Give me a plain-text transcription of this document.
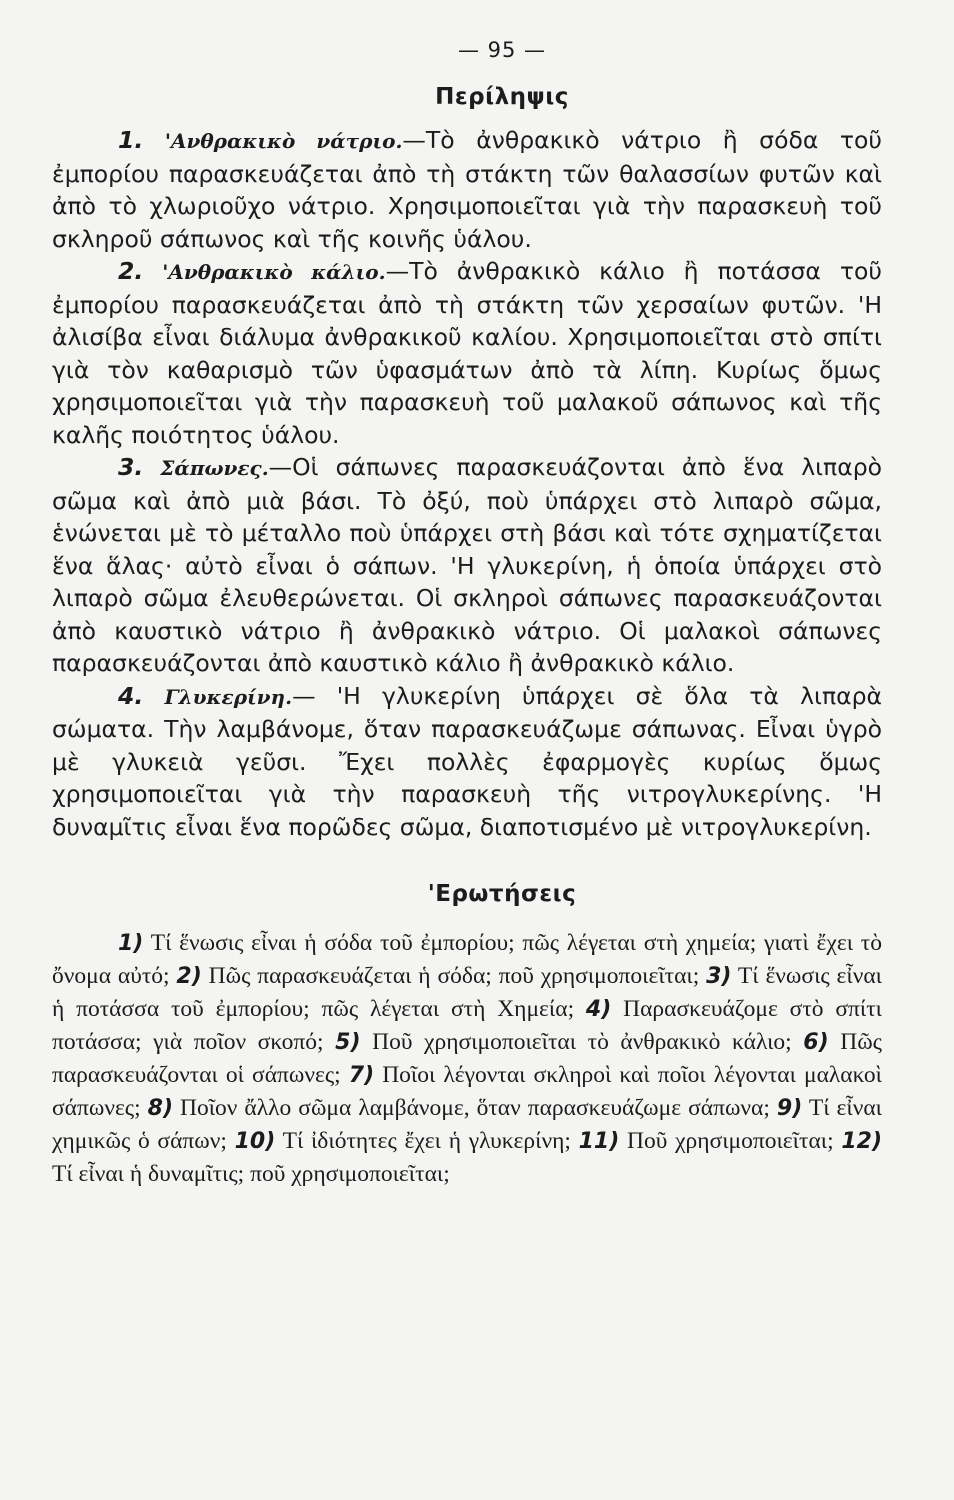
— 95 —
Περίληψις

1. 'Ανθρακικὸ νάτριο.—Τὸ ἀνθρακικὸ νάτριο ἢ σόδα τοῦ ἐμπορίου παρασκευάζεται ἀπὸ τὴ στάκτη τῶν θαλασσίων φυτῶν καὶ ἀπὸ τὸ χλωριοῦχο νάτριο. Χρησιμοποιεῖται γιὰ τὴν παρασκευὴ τοῦ σκληροῦ σάπωνος καὶ τῆς κοινῆς ὑάλου.

2. 'Ανθρακικὸ κάλιο.—Τὸ ἀνθρακικὸ κάλιο ἢ ποτάσσα τοῦ ἐμπορίου παρασκευάζεται ἀπὸ τὴ στάκτη τῶν χερσαίων φυτῶν. 'Η ἀλισίβα εἶναι διάλυμα ἀνθρακικοῦ καλίου. Χρησιμοποιεῖται στὸ σπίτι γιὰ τὸν καθαρισμὸ τῶν ὑφασμάτων ἀπὸ τὰ λίπη. Κυρίως ὅμως χρησιμοποιεῖται γιὰ τὴν παρασκευὴ τοῦ μαλακοῦ σάπωνος καὶ τῆς καλῆς ποιότητος ὑάλου.

3. Σάπωνες.—Οἱ σάπωνες παρασκευάζονται ἀπὸ ἕνα λιπαρὸ σῶμα καὶ ἀπὸ μιὰ βάσι. Τὸ ὀξύ, ποὺ ὑπάρχει στὸ λιπαρὸ σῶμα, ἑνώνεται μὲ τὸ μέταλλο ποὺ ὑπάρχει στὴ βάσι καὶ τότε σχηματίζεται ἕνα ἅλας· αὐτὸ εἶναι ὁ σάπων. 'Η γλυκερίνη, ἡ ὁποία ὑπάρχει στὸ λιπαρὸ σῶμα ἐλευθερώνεται. Οἱ σκληροὶ σάπωνες παρασκευάζονται ἀπὸ καυστικὸ νάτριο ἢ ἀνθρακικὸ νάτριο. Οἱ μαλακοὶ σάπωνες παρασκευάζονται ἀπὸ καυστικὸ κάλιο ἢ ἀνθρακικὸ κάλιο.

4. Γλυκερίνη.— 'Η γλυκερίνη ὑπάρχει σὲ ὅλα τὰ λιπαρὰ σώματα. Τὴν λαμβάνομε, ὅταν παρασκευάζωμε σάπωνας. Εἶναι ὑγρὸ μὲ γλυκειὰ γεῦσι. Ἔχει πολλὲς ἐφαρμογὲς κυρίως ὅμως χρησιμοποιεῖται γιὰ τὴν παρασκευὴ τῆς νιτρογλυκερίνης. 'Η δυναμῖτις εἶναι ἕνα πορῶδες σῶμα, διαποτισμένο μὲ νιτρογλυκερίνη.

'Ερωτήσεις

1) Τί ἕνωσις εἶναι ἡ σόδα τοῦ ἐμπορίου; πῶς λέγεται στὴ χημεία; γιατὶ ἔχει τὸ ὄνομα αὐτό; 2) Πῶς παρασκευάζεται ἡ σόδα; ποῦ χρησιμοποιεῖται; 3) Τί ἕνωσις εἶναι ἡ ποτάσσα τοῦ ἐμπορίου; πῶς λέγεται στὴ Χημεία; 4) Παρασκευάζομε στὸ σπίτι ποτάσσα; γιὰ ποῖον σκοπό; 5) Ποῦ χρησιμοποιεῖται τὸ ἀνθρακικὸ κάλιο; 6) Πῶς παρασκευάζονται οἱ σάπωνες; 7) Ποῖοι λέγονται σκληροὶ καὶ ποῖοι λέγονται μαλακοὶ σάπωνες; 8) Ποῖον ἄλλο σῶμα λαμβάνομε, ὅταν παρασκευάζωμε σάπωνα; 9) Τί εἶναι χημικῶς ὁ σάπων; 10) Τί ἰδιότητες ἔχει ἡ γλυκερίνη; 11) Ποῦ χρησιμοποιεῖται; 12) Τί εἶναι ἡ δυναμῖτις; ποῦ χρησιμοποιεῖται;
